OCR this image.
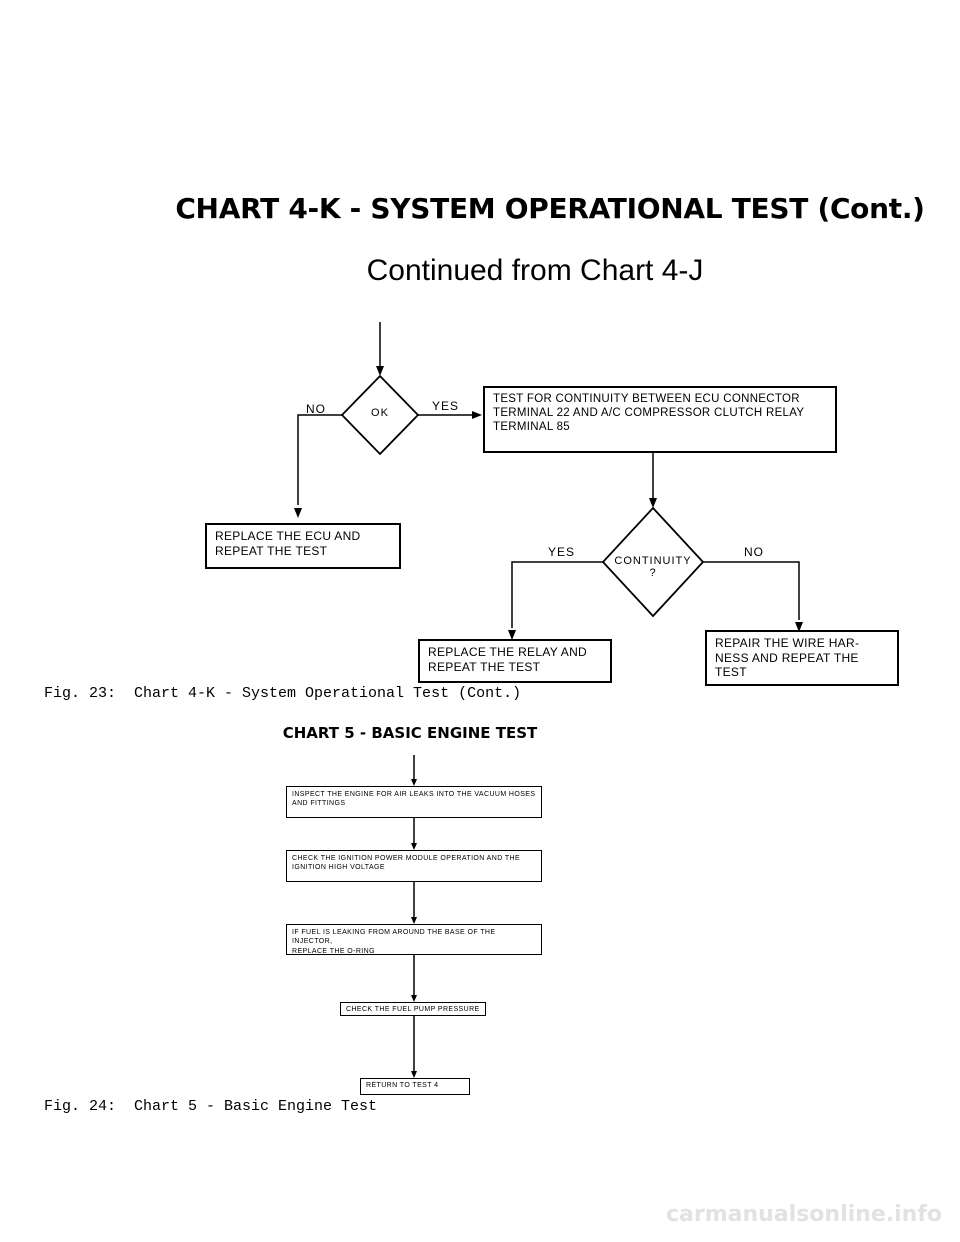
CHART 4-K - SYSTEM OPERATIONAL TEST (Cont.)
Continued from Chart 4-J
OK
NO	YES	TEST FOR CONTINUITY BETWEEN ECU CONNECTOR
TERMINAL 22 AND A/C COMPRESSOR CLUTCH RELAY
TERMINAL 85
REPLACE THE ECU AND
REPEAT THE TEST
CONTINUITY
?
YES	NO
REPLACE THE RELAY AND
REPEAT THE TEST
REPAIR THE WIRE HAR-
NESS AND REPEAT THE
TEST
Fig. 23:  Chart 4-K - System Operational Test (Cont.)
CHART 5 - BASIC ENGINE TEST
INSPECT THE ENGINE FOR AIR LEAKS INTO THE VACUUM HOSES
AND FITTINGS
CHECK THE IGNITION POWER MODULE OPERATION AND THE
IGNITION HIGH VOLTAGE
IF FUEL IS LEAKING FROM AROUND THE BASE OF THE INJECTOR,
REPLACE THE O-RING
CHECK THE FUEL PUMP PRESSURE
RETURN TO TEST 4
Fig. 24:  Chart 5 - Basic Engine Test
carmanualsonline.info
